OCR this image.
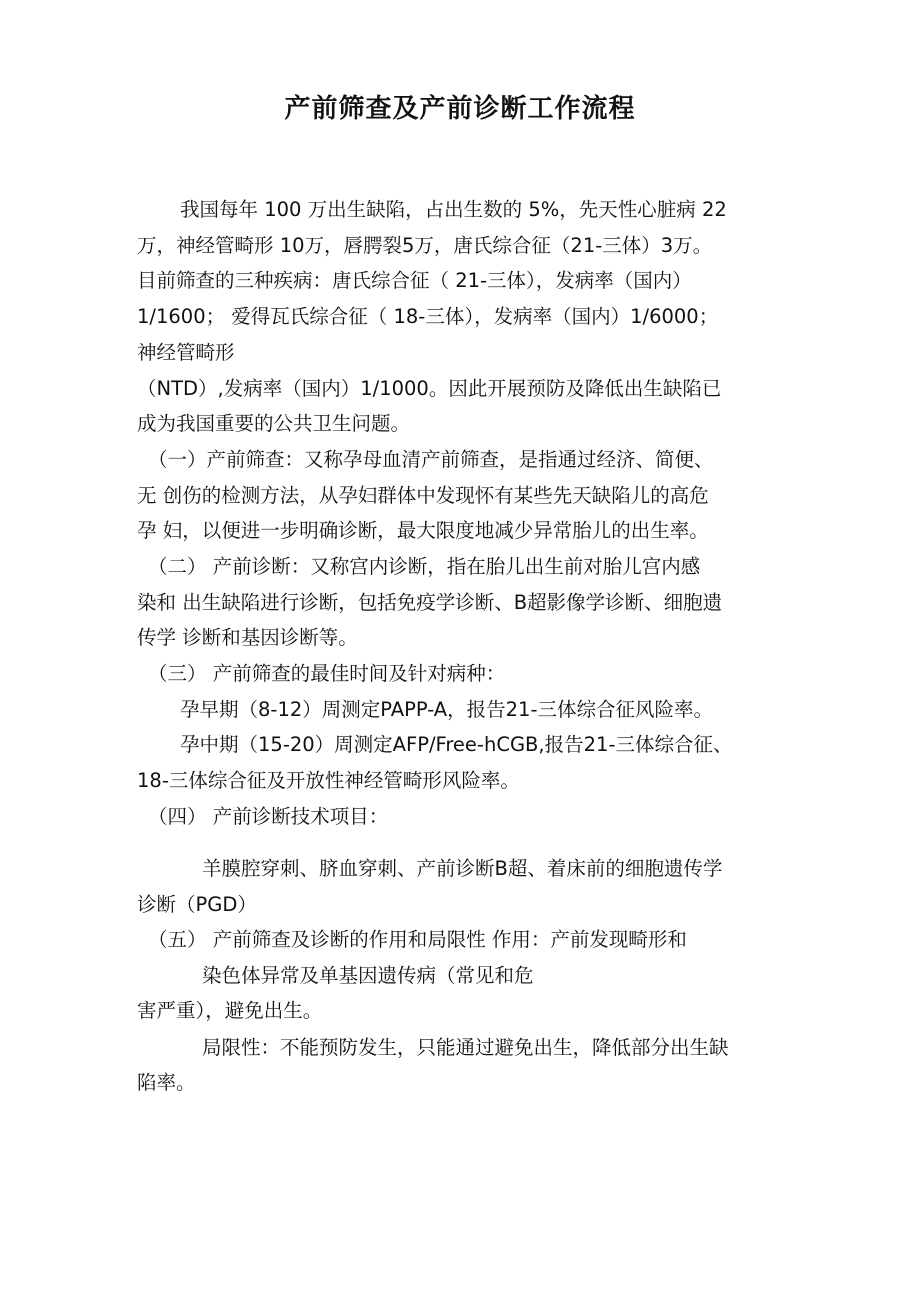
产前筛查及产前诊断工作流程

我国每年 100 万出生缺陷，占出生数的 5%，先天性心脏病 22

万，神经管畸形 10万，唇腭裂5万，唐氏综合征（21-三体）3万。

目前筛查的三种疾病：唐氏综合征（ 21-三体），发病率（国内）

1/1600； 爱得瓦氏综合征（ 18-三体），发病率（国内）1/6000；

神经管畸形

（NTD）,发病率（国内）1/1000。因此开展预防及降低出生缺陷已

成为我国重要的公共卫生问题。

（一）产前筛查：又称孕母血清产前筛查，是指通过经济、简便、

无 创伤的检测方法，从孕妇群体中发现怀有某些先天缺陷儿的高危

孕 妇，以便进一步明确诊断，最大限度地减少异常胎儿的出生率。

（二） 产前诊断：又称宫内诊断，指在胎儿出生前对胎儿宫内感

染和 出生缺陷进行诊断，包括免疫学诊断、B超影像学诊断、细胞遗

传学 诊断和基因诊断等。

（三） 产前筛查的最佳时间及针对病种：

孕早期（8-12）周测定PAPP-A，报告21-三体综合征风险率。

孕中期（15-20）周测定AFP/Free-hCGB,报告21-三体综合征、

18-三体综合征及开放性神经管畸形风险率。

（四） 产前诊断技术项目：

羊膜腔穿刺、脐血穿刺、产前诊断B超、着床前的细胞遗传学

诊断（PGD）

（五） 产前筛查及诊断的作用和局限性 作用：产前发现畸形和

染色体异常及单基因遗传病（常见和危

害严重），避免出生。

局限性：不能预防发生，只能通过避免出生，降低部分出生缺

陷率。
